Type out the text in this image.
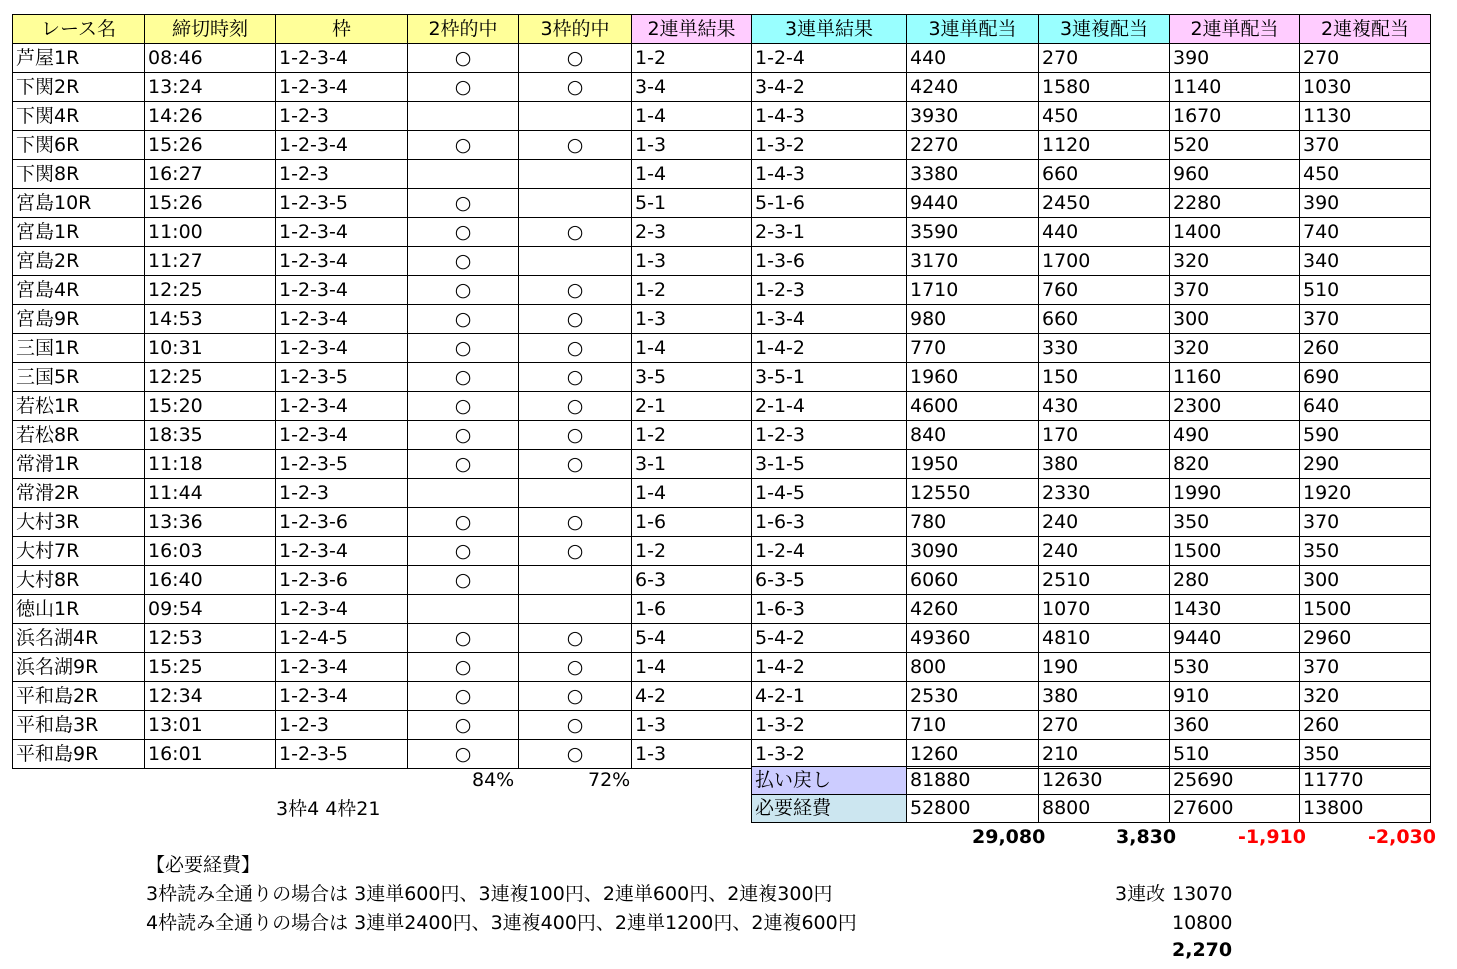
レース名	締切時刻	枠	2枠的中	3枠的中	2連単結果	3連単結果	3連単配当	3連複配当	2連単配当	2連複配当
芦屋1R	08:46	1-2-3-4	○	○	1-2	1-2-4	440	270	390	270
下関2R	13:24	1-2-3-4	○	○	3-4	3-4-2	4240	1580	1140	1030
下関4R	14:26	1-2-3			1-4	1-4-3	3930	450	1670	1130
下関6R	15:26	1-2-3-4	○	○	1-3	1-3-2	2270	1120	520	370
下関8R	16:27	1-2-3			1-4	1-4-3	3380	660	960	450
宮島10R	15:26	1-2-3-5	○		5-1	5-1-6	9440	2450	2280	390
宮島1R	11:00	1-2-3-4	○	○	2-3	2-3-1	3590	440	1400	740
宮島2R	11:27	1-2-3-4	○		1-3	1-3-6	3170	1700	320	340
宮島4R	12:25	1-2-3-4	○	○	1-2	1-2-3	1710	760	370	510
宮島9R	14:53	1-2-3-4	○	○	1-3	1-3-4	980	660	300	370
三国1R	10:31	1-2-3-4	○	○	1-4	1-4-2	770	330	320	260
三国5R	12:25	1-2-3-5	○	○	3-5	3-5-1	1960	150	1160	690
若松1R	15:20	1-2-3-4	○	○	2-1	2-1-4	4600	430	2300	640
若松8R	18:35	1-2-3-4	○	○	1-2	1-2-3	840	170	490	590
常滑1R	11:18	1-2-3-5	○	○	3-1	3-1-5	1950	380	820	290
常滑2R	11:44	1-2-3			1-4	1-4-5	12550	2330	1990	1920
大村3R	13:36	1-2-3-6	○	○	1-6	1-6-3	780	240	350	370
大村7R	16:03	1-2-3-4	○	○	1-2	1-2-4	3090	240	1500	350
大村8R	16:40	1-2-3-6	○		6-3	6-3-5	6060	2510	280	300
徳山1R	09:54	1-2-3-4			1-6	1-6-3	4260	1070	1430	1500
浜名湖4R	12:53	1-2-4-5	○	○	5-4	5-4-2	49360	4810	9440	2960
浜名湖9R	15:25	1-2-3-4	○	○	1-4	1-4-2	800	190	530	370
平和島2R	12:34	1-2-3-4	○	○	4-2	4-2-1	2530	380	910	320
平和島3R	13:01	1-2-3	○	○	1-3	1-3-2	710	270	360	260
平和島9R	16:01	1-2-3-5	○	○	1-3	1-3-2	1260	210	510	350
84%	72%
3枠4 4枠21
払い戻し	81880	12630	25690	11770
必要経費	52800	8800	27600	13800
29,080	3,830	-1,910	-2,030
【必要経費】
3枠読み全通りの場合は 3連単600円、3連複100円、2連単600円、2連複300円
4枠読み全通りの場合は 3連単2400円、3連複400円、2連単1200円、2連複600円
3連改 13070
10800
2,270
